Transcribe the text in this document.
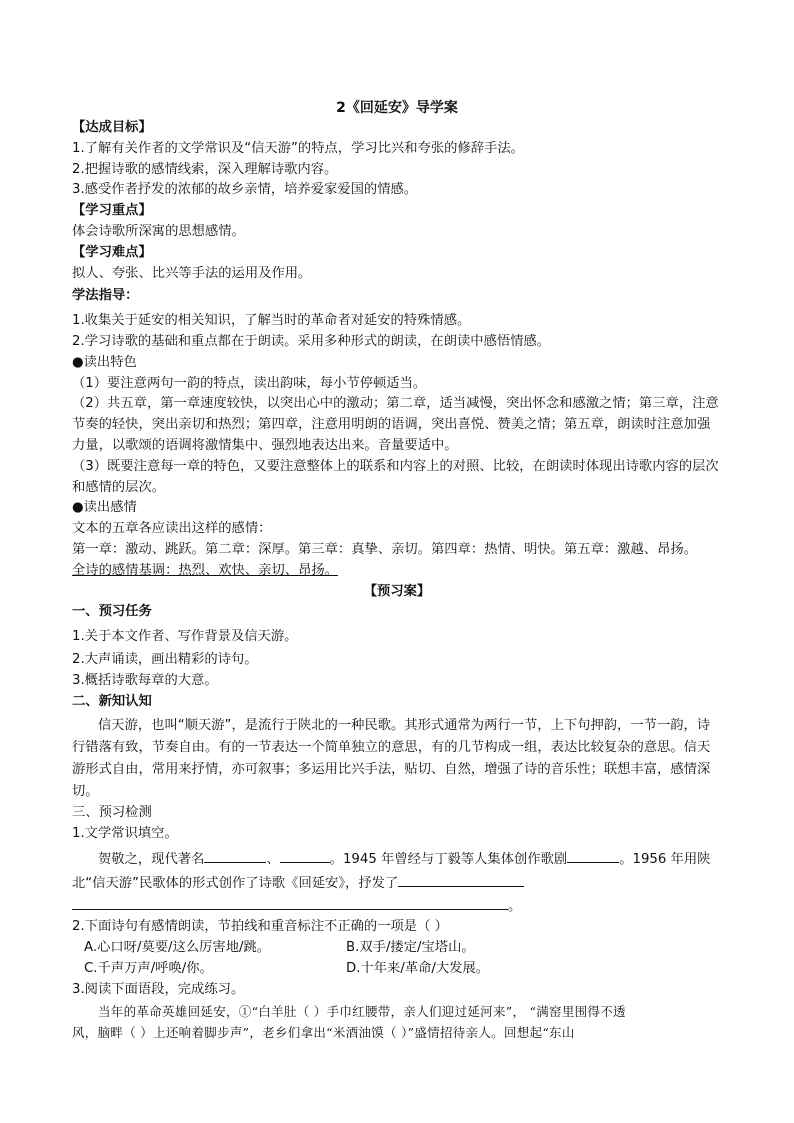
2《回延安》导学案
【达成目标】
1.了解有关作者的文学常识及“信天游”的特点，学习比兴和夸张的修辞手法。
2.把握诗歌的感情线索，深入理解诗歌内容。
3.感受作者抒发的浓郁的故乡亲情，培养爱家爱国的情感。
【学习重点】
体会诗歌所深寓的思想感情。
【学习难点】
拟人、夸张、比兴等手法的运用及作用。
学法指导：
1.收集关于延安的相关知识，了解当时的革命者对延安的特殊情感。
2.学习诗歌的基础和重点都在于朗读。采用多种形式的朗读，在朗读中感悟情感。
●读出特色
（1）要注意两句一韵的特点，读出韵味，每小节停顿适当。
（2）共五章，第一章速度较快，以突出心中的激动；第二章，适当减慢，突出怀念和感激之情；第三章，注意节奏的轻快，突出亲切和热烈；第四章，注意用明朗的语调，突出喜悦、赞美之情；第五章，朗读时注意加强力量，以歌颂的语调将激情集中、强烈地表达出来。音量要适中。
（3）既要注意每一章的特色，又要注意整体上的联系和内容上的对照、比较，在朗读时体现出诗歌内容的层次和感情的层次。
●读出感情
文本的五章各应读出这样的感情：
第一章：激动、跳跃。第二章：深厚。第三章：真挚、亲切。第四章：热情、明快。第五章：激越、昂扬。
全诗的感情基调：热烈、欢快、亲切、昂扬。
【预习案】
一、预习任务
1.关于本文作者、写作背景及信天游。
2.大声诵读，画出精彩的诗句。
3.概括诗歌每章的大意。
二、新知认知
信天游，也叫“顺天游”，是流行于陕北的一种民歌。其形式通常为两行一节，上下句押韵，一节一韵，诗行错落有致，节奏自由。有的一节表达一个简单独立的意思，有的几节构成一组，表达比较复杂的意思。信天游形式自由，常用来抒情，亦可叙事；多运用比兴手法，贴切、自然，增强了诗的音乐性；联想丰富，感情深切。
三、预习检测
1.文学常识填空。
贺敬之，现代著名	、	。1945 年曾经与丁毅等人集体创作歌剧	。1956 年用陕
北“信天游”民歌体的形式创作了诗歌《回延安》，抒发了
。
2.下面诗句有感情朗读，节拍线和重音标注不正确的一项是（ ）
A.心口呀/莫要/这么厉害地/跳。	B.双手/搂定/宝塔山。
C.千声万声/呼唤/你。	D.十年来/革命/大发展。
3.阅读下面语段，完成练习。
当年的革命英雄回延安，①“白羊肚（ ）手巾红腰带，亲人们迎过延河来”， “满窑里围得不透
风，脑畔（ ）上还响着脚步声”，老乡们拿出“米酒油馍（ ）”盛情招待亲人。回想起“东山
